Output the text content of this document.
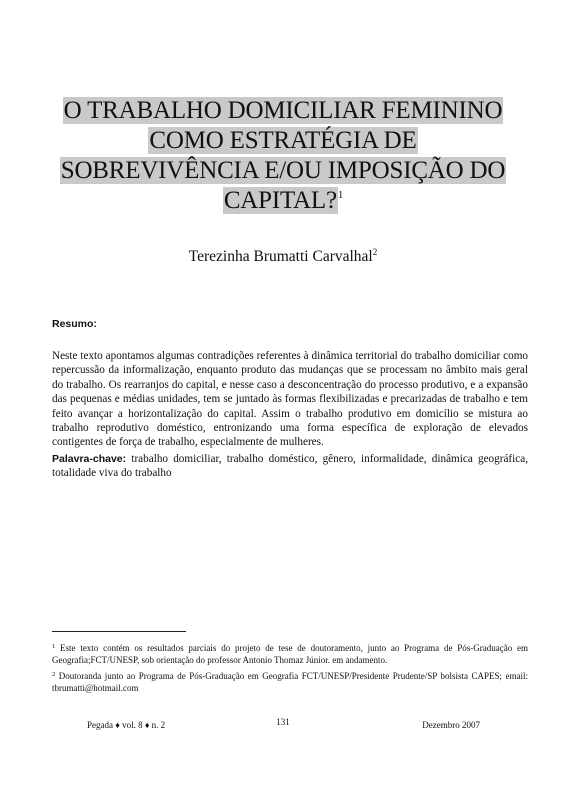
O TRABALHO DOMICILIAR FEMININO
COMO ESTRATÉGIA DE
SOBREVIVÊNCIA E/OU IMPOSIÇÃO DO
CAPITAL?$^1$
Terezinha Brumatti Carvalhal$^2$
Resumo:

Neste texto apontamos algumas contradições referentes à dinâmica territorial do trabalho domiciliar como repercussão da informalização, enquanto produto das mudanças que se processam no âmbito mais geral do trabalho. Os rearranjos do capital, e nesse caso a desconcentração do processo produtivo, e a expansão das pequenas e médias unidades, tem se juntado às formas flexibilizadas e precarizadas de trabalho e tem feito avançar a horizontalização do capital. Assim o trabalho produtivo em domicílio se mistura ao trabalho reprodutivo doméstico, entronizando uma forma específica de exploração de elevados contigentes de força de trabalho, especialmente de mulheres.

Palavra-chave: trabalho domiciliar, trabalho doméstico, gênero, informalidade, dinâmica geográfica, totalidade viva do trabalho

$^1$ Este texto contém os resultados parciais do projeto de tese de doutoramento, junto ao Programa de Pós-Graduação em Geografia;FCT/UNESP, sob orientação do professor Antonio Thomaz Júnior. em andamento.

$^2$ Doutoranda junto ao Programa de Pós-Graduação em Geografia FCT/UNESP/Presidente Prudente/SP bolsista CAPES; email: tbrumatti@hotmail.com

Pegada ♦ vol. 8 ♦ n. 2	131	Dezembro 2007
